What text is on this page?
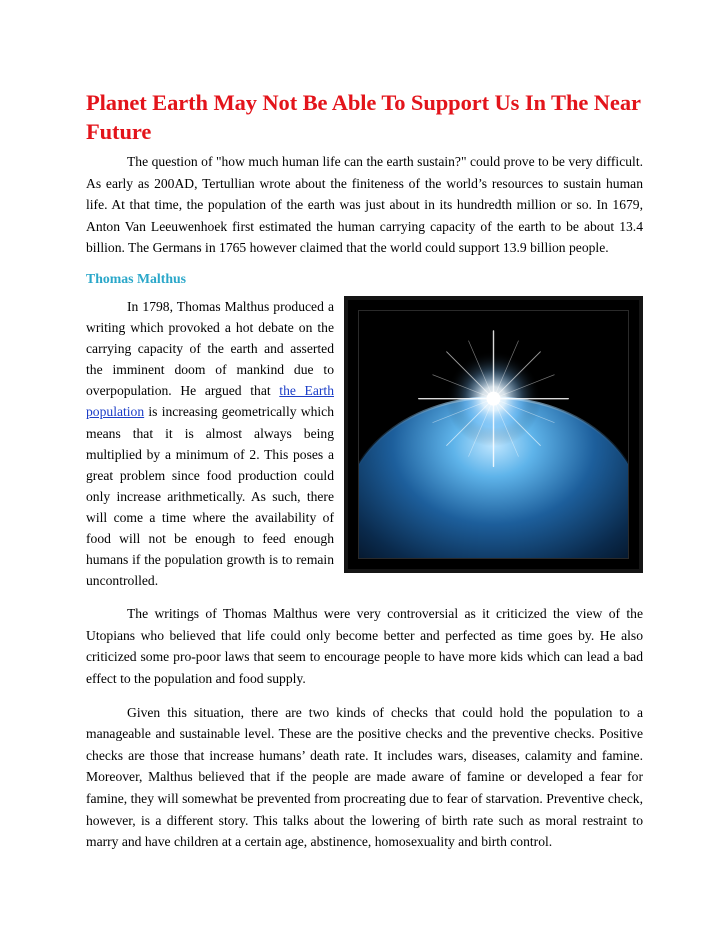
Planet Earth May Not Be Able To Support Us In The Near Future

The question of "how much human life can the earth sustain?" could prove to be very difficult. As early as 200AD, Tertullian wrote about the finiteness of the world’s resources to sustain human life. At that time, the population of the earth was just about in its hundredth million or so. In 1679, Anton Van Leeuwenhoek first estimated the human carrying capacity of the earth to be about 13.4 billion. The Germans in 1765 however claimed that the world could support 13.9 billion people.

Thomas Malthus

In 1798, Thomas Malthus produced a writing which provoked a hot debate on the carrying capacity of the earth and asserted the imminent doom of mankind due to overpopulation. He argued that the Earth population is increasing geometrically which means that it is almost always being multiplied by a minimum of 2. This poses a great problem since food production could only increase arithmetically. As such, there will come a time where the availability of food will not be enough to feed enough humans if the population growth is to remain uncontrolled.

The writings of Thomas Malthus were very controversial as it criticized the view of the Utopians who believed that life could only become better and perfected as time goes by. He also criticized some pro-poor laws that seem to encourage people to have more kids which can lead a bad effect to the population and food supply.

Given this situation, there are two kinds of checks that could hold the population to a manageable and sustainable level. These are the positive checks and the preventive checks. Positive checks are those that increase humans’ death rate. It includes wars, diseases, calamity and famine. Moreover, Malthus believed that if the people are made aware of famine or developed a fear for famine, they will somewhat be prevented from procreating due to fear of starvation. Preventive check, however, is a different story. This talks about the lowering of birth rate such as moral restraint to marry and have children at a certain age, abstinence, homosexuality and birth control.
